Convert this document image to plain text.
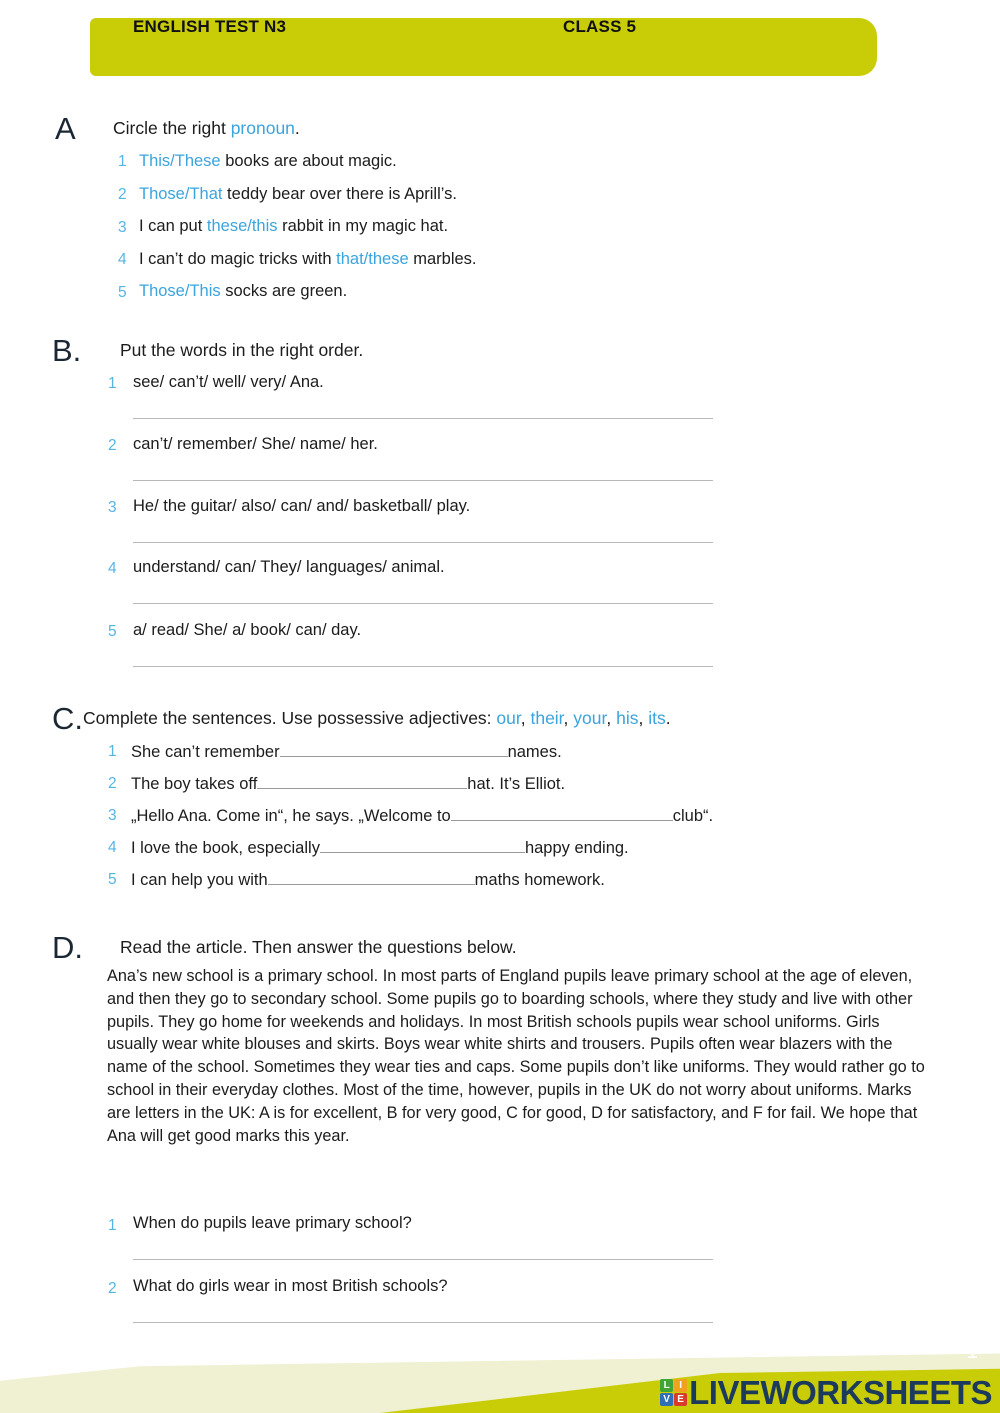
ENGLISH TEST N3	CLASS 5
A Circle the right pronoun.
1 This/These books are about magic.
2 Those/That teddy bear over there is Aprill’s.
3 I can put these/this rabbit in my magic hat.
4 I can’t do magic tricks with that/these marbles.
5 Those/This socks are green.
B. Put the words in the right order.
1 see/ can’t/ well/ very/ Ana.
2 can’t/ remember/ She/ name/ her.
3 He/ the guitar/ also/ can/ and/ basketball/ play.
4 understand/ can/ They/ languages/ animal.
5 a/ read/ She/ a/ book/ can/ day.
C. Complete the sentences. Use possessive adjectives: our, their, your, his, its.
1 She can’t remember	names.
2 The boy takes off	hat. It’s Elliot.
3 „Hello Ana. Come in“, he says. „Welcome to	club“.
4 I love the book, especially	happy ending.
5 I can help you with	maths homework.
D. Read the article. Then answer the questions below.
Ana’s new school is a primary school. In most parts of England pupils leave primary school at the age of eleven, and then they go to secondary school. Some pupils go to boarding schools, where they study and live with other pupils. They go home for weekends and holidays. In most British schools pupils wear school uniforms. Girls usually wear white blouses and skirts. Boys wear white shirts and trousers. Pupils often wear blazers with the name of the school. Sometimes they wear ties and caps. Some pupils don’t like uniforms. They would rather go to school in their everyday clothes. Most of the time, however, pupils in the UK do not worry about uniforms. Marks are letters in the UK: A is for excellent, B for very good, C for good, D for satisfactory, and F for fail. We hope that Ana will get good marks this year.
1 When do pupils leave primary school?
2 What do girls wear in most British schools?
1
L I
V E LIVEWORKSHEETS
